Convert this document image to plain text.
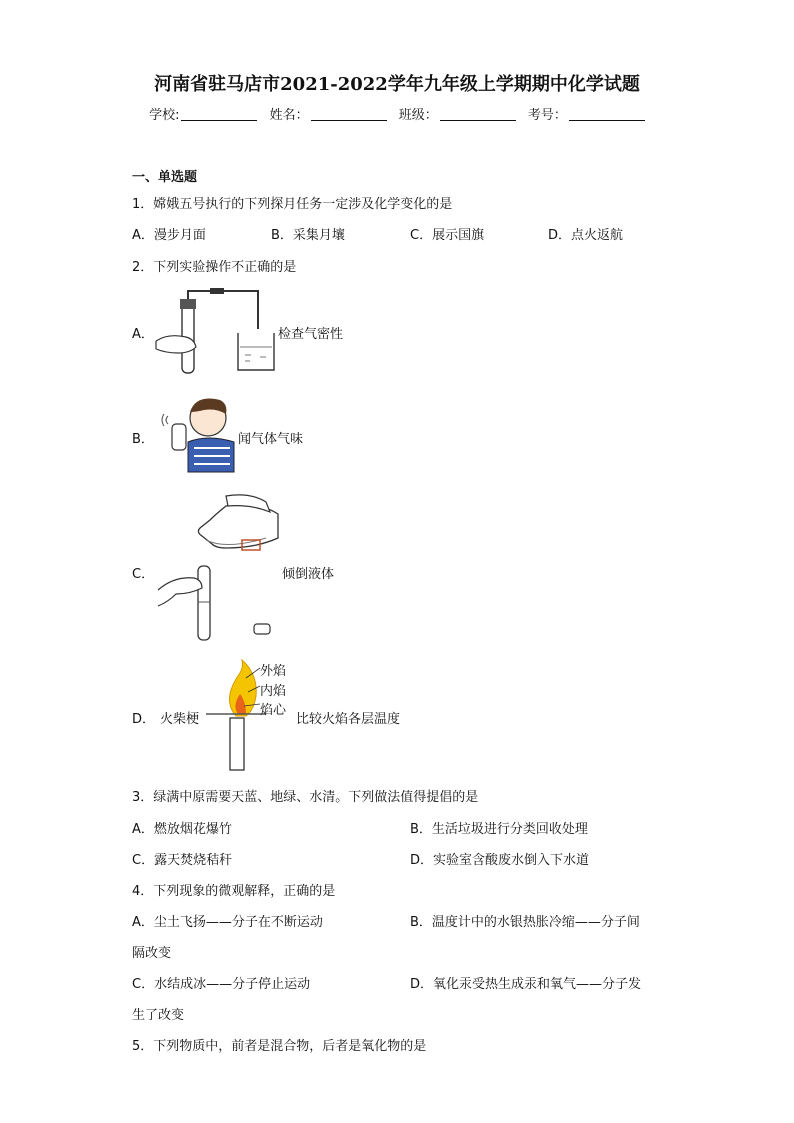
河南省驻马店市2021-2022学年九年级上学期期中化学试题
学校:	姓名：	班级：	考号：
一、单选题
1．嫦娥五号执行的下列探月任务一定涉及化学变化的是
A．漫步月面	B．采集月壤	C．展示国旗	D．点火返航
2．下列实验操作不正确的是
A．	检查气密性
B．	闻气体气味
C．	倾倒液体
D． 火柴梗
外焰
内焰
焰心
比较火焰各层温度
3．绿满中原需要天蓝、地绿、水清。下列做法值得提倡的是
A．燃放烟花爆竹	B．生活垃圾进行分类回收处理
C．露天焚烧秸秆	D．实验室含酸废水倒入下水道
4．下列现象的微观解释，正确的是
A．尘土飞扬——分子在不断运动	B．温度计中的水银热胀冷缩——分子间
隔改变
C．水结成冰——分子停止运动	D．氧化汞受热生成汞和氧气——分子发
生了改变
5．下列物质中，前者是混合物，后者是氧化物的是
